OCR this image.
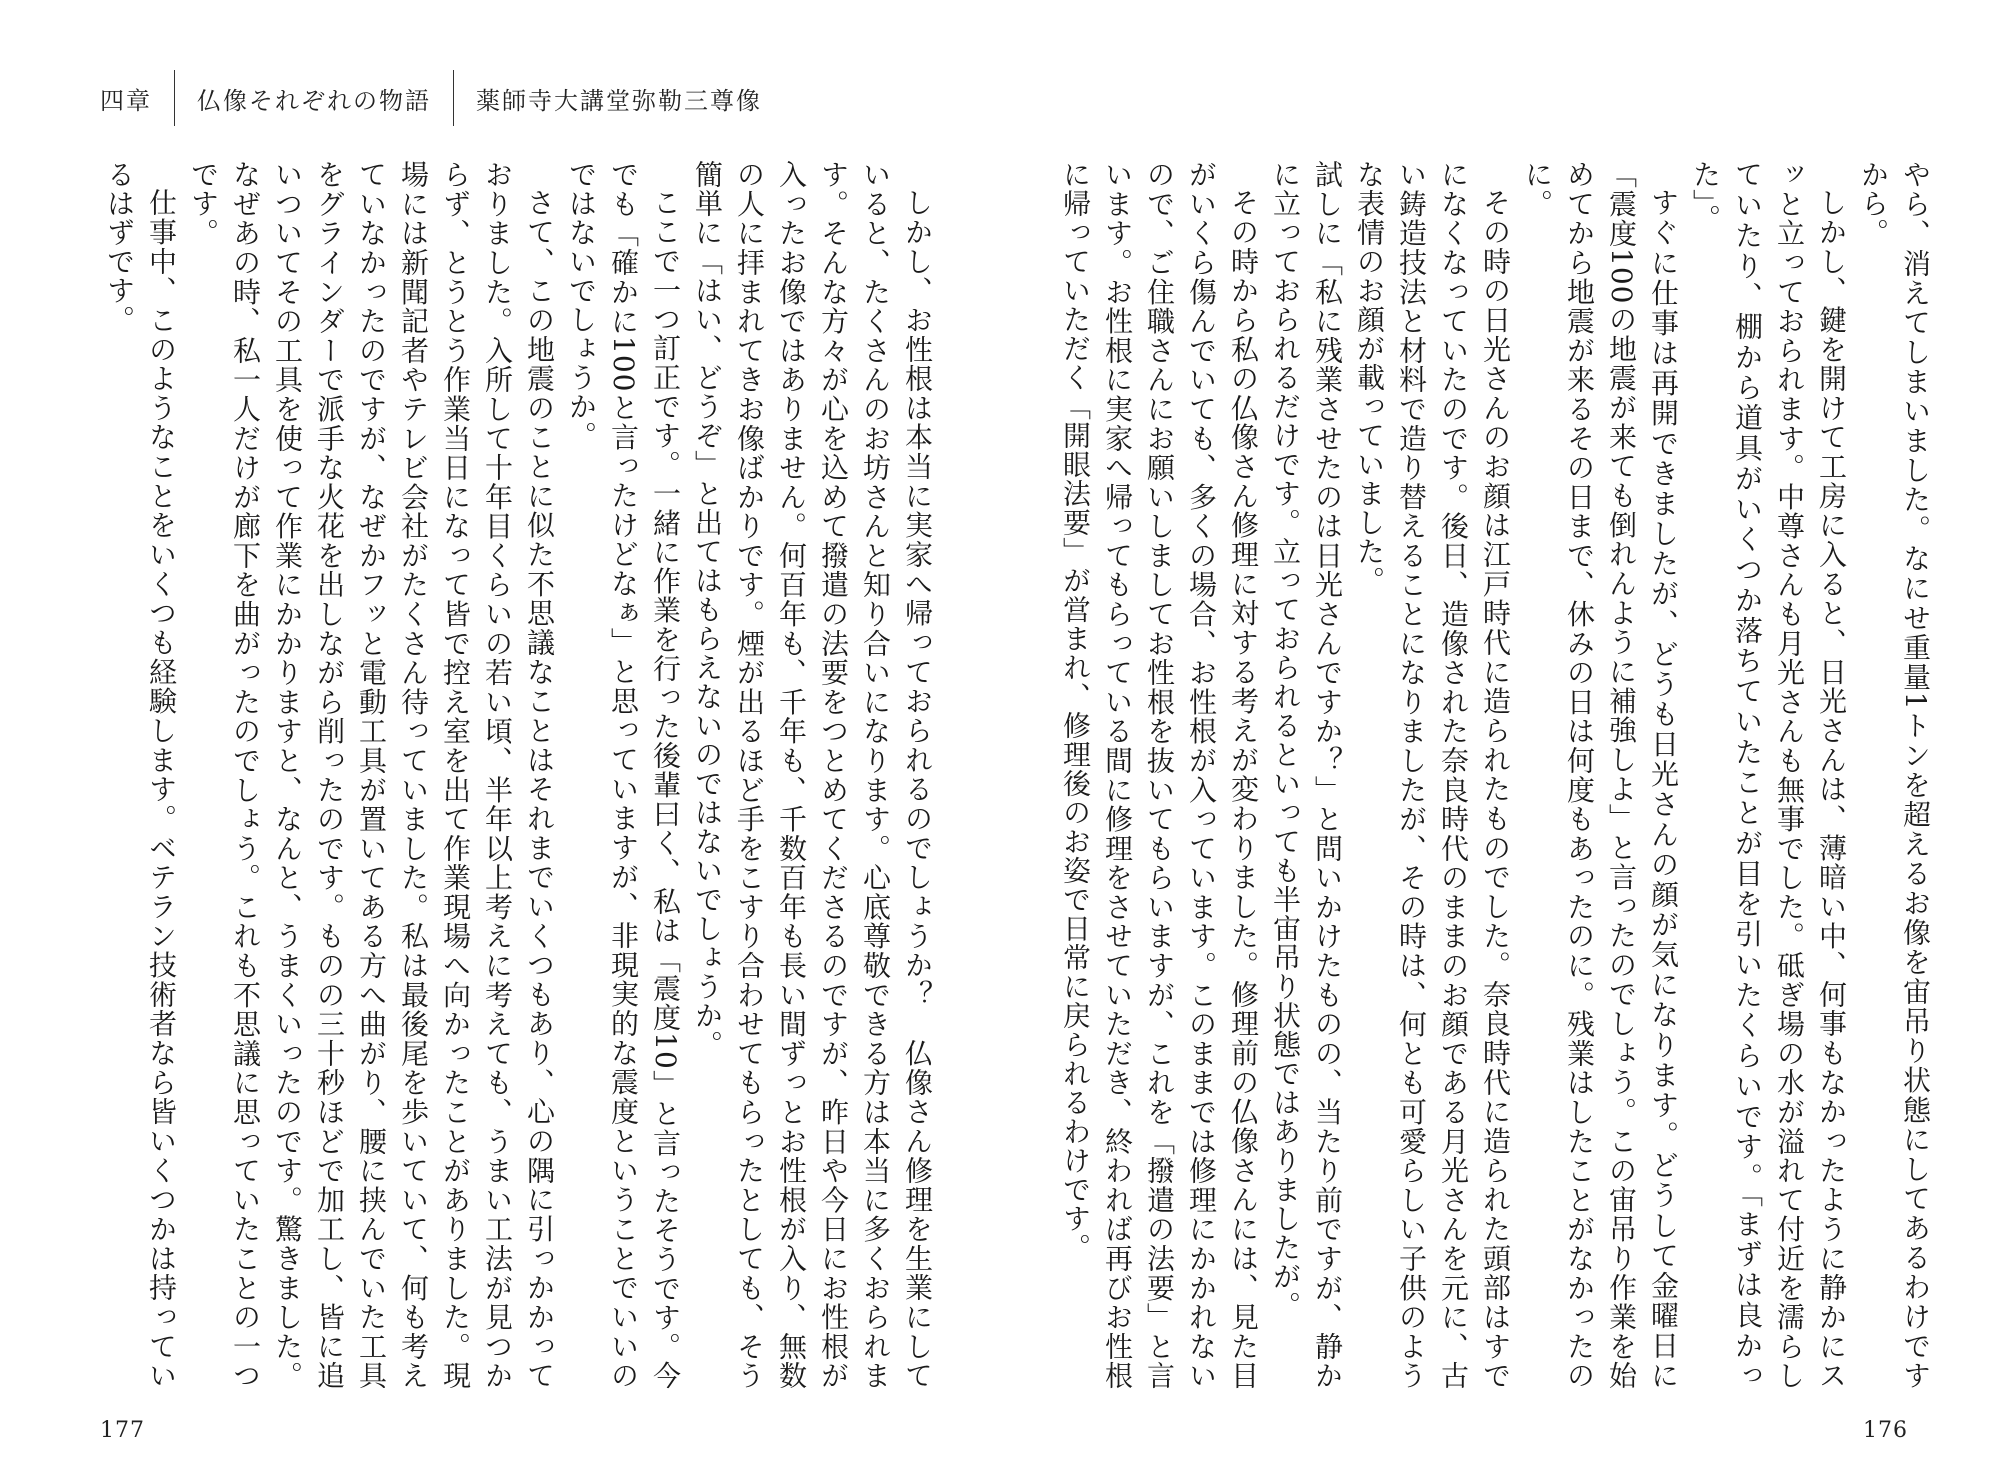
四章	仏像それぞれの物語	薬師寺大講堂弥勒三尊像

やら、消えてしまいました。なにせ重量1トンを超えるお像を宙吊り状態にしてあるわけですから。

しかし、鍵を開けて工房に入ると、日光さんは、薄暗い中、何事もなかったように静かにスッと立っておられます。中尊さんも月光さんも無事でした。砥ぎ場の水が溢れて付近を濡らしていたり、棚から道具がいくつか落ちていたことが目を引いたくらいです。「まずは良かった」。

すぐに仕事は再開できましたが、どうも日光さんの顔が気になります。どうして金曜日に「震度100の地震が来ても倒れんように補強しよ」と言ったのでしょう。この宙吊り作業を始めてから地震が来るその日まで、休みの日は何度もあったのに。残業はしたことがなかったのに。

その時の日光さんのお顔は江戸時代に造られたものでした。奈良時代に造られた頭部はすでになくなっていたのです。後日、造像された奈良時代のままのお顔である月光さんを元に、古い鋳造技法と材料で造り替えることになりましたが、その時は、何とも可愛らしい子供のような表情のお顔が載っていました。

試しに「私に残業させたのは日光さんですか？」と問いかけたものの、当たり前ですが、静かに立っておられるだけです。立っておられるといっても半宙吊り状態ではありましたが。

その時から私の仏像さん修理に対する考えが変わりました。修理前の仏像さんには、見た目がいくら傷んでいても、多くの場合、お性根が入っています。このままでは修理にかかれないので、ご住職さんにお願いしましてお性根を抜いてもらいますが、これを「撥遣の法要」と言います。お性根に実家へ帰ってもらっている間に修理をさせていただき、終われば再びお性根に帰っていただく「開眼法要」が営まれ、修理後のお姿で日常に戻られるわけです。

しかし、お性根は本当に実家へ帰っておられるのでしょうか？　仏像さん修理を生業にしていると、たくさんのお坊さんと知り合いになります。心底尊敬できる方は本当に多くおられます。そんな方々が心を込めて撥遣の法要をつとめてくださるのですが、昨日や今日にお性根が入ったお像ではありません。何百年も、千年も、千数百年も長い間ずっとお性根が入り、無数の人に拝まれてきお像ばかりです。煙が出るほど手をこすり合わせてもらったとしても、そう簡単に「はい、どうぞ」と出てはもらえないのではないでしょうか。

ここで一つ訂正です。一緒に作業を行った後輩曰く、私は「震度10」と言ったそうです。今でも「確かに100と言ったけどなぁ」と思っていますが、非現実的な震度ということでいいのではないでしょうか。

さて、この地震のことに似た不思議なことはそれまでいくつもあり、心の隅に引っかかっておりました。入所して十年目くらいの若い頃、半年以上考えに考えても、うまい工法が見つからず、とうとう作業当日になって皆で控え室を出て作業現場へ向かったことがありました。現場には新聞記者やテレビ会社がたくさん待っていました。私は最後尾を歩いていて、何も考えていなかったのですが、なぜかフッと電動工具が置いてある方へ曲がり、腰に挟んでいた工具をグラインダーで派手な火花を出しながら削ったのです。ものの三十秒ほどで加工し、皆に追いついてその工具を使って作業にかかりますと、なんと、うまくいったのです。驚きました。なぜあの時、私一人だけが廊下を曲がったのでしょう。これも不思議に思っていたことの一つです。

仕事中、このようなことをいくつも経験します。ベテラン技術者なら皆いくつかは持っているはずです。

177	176
